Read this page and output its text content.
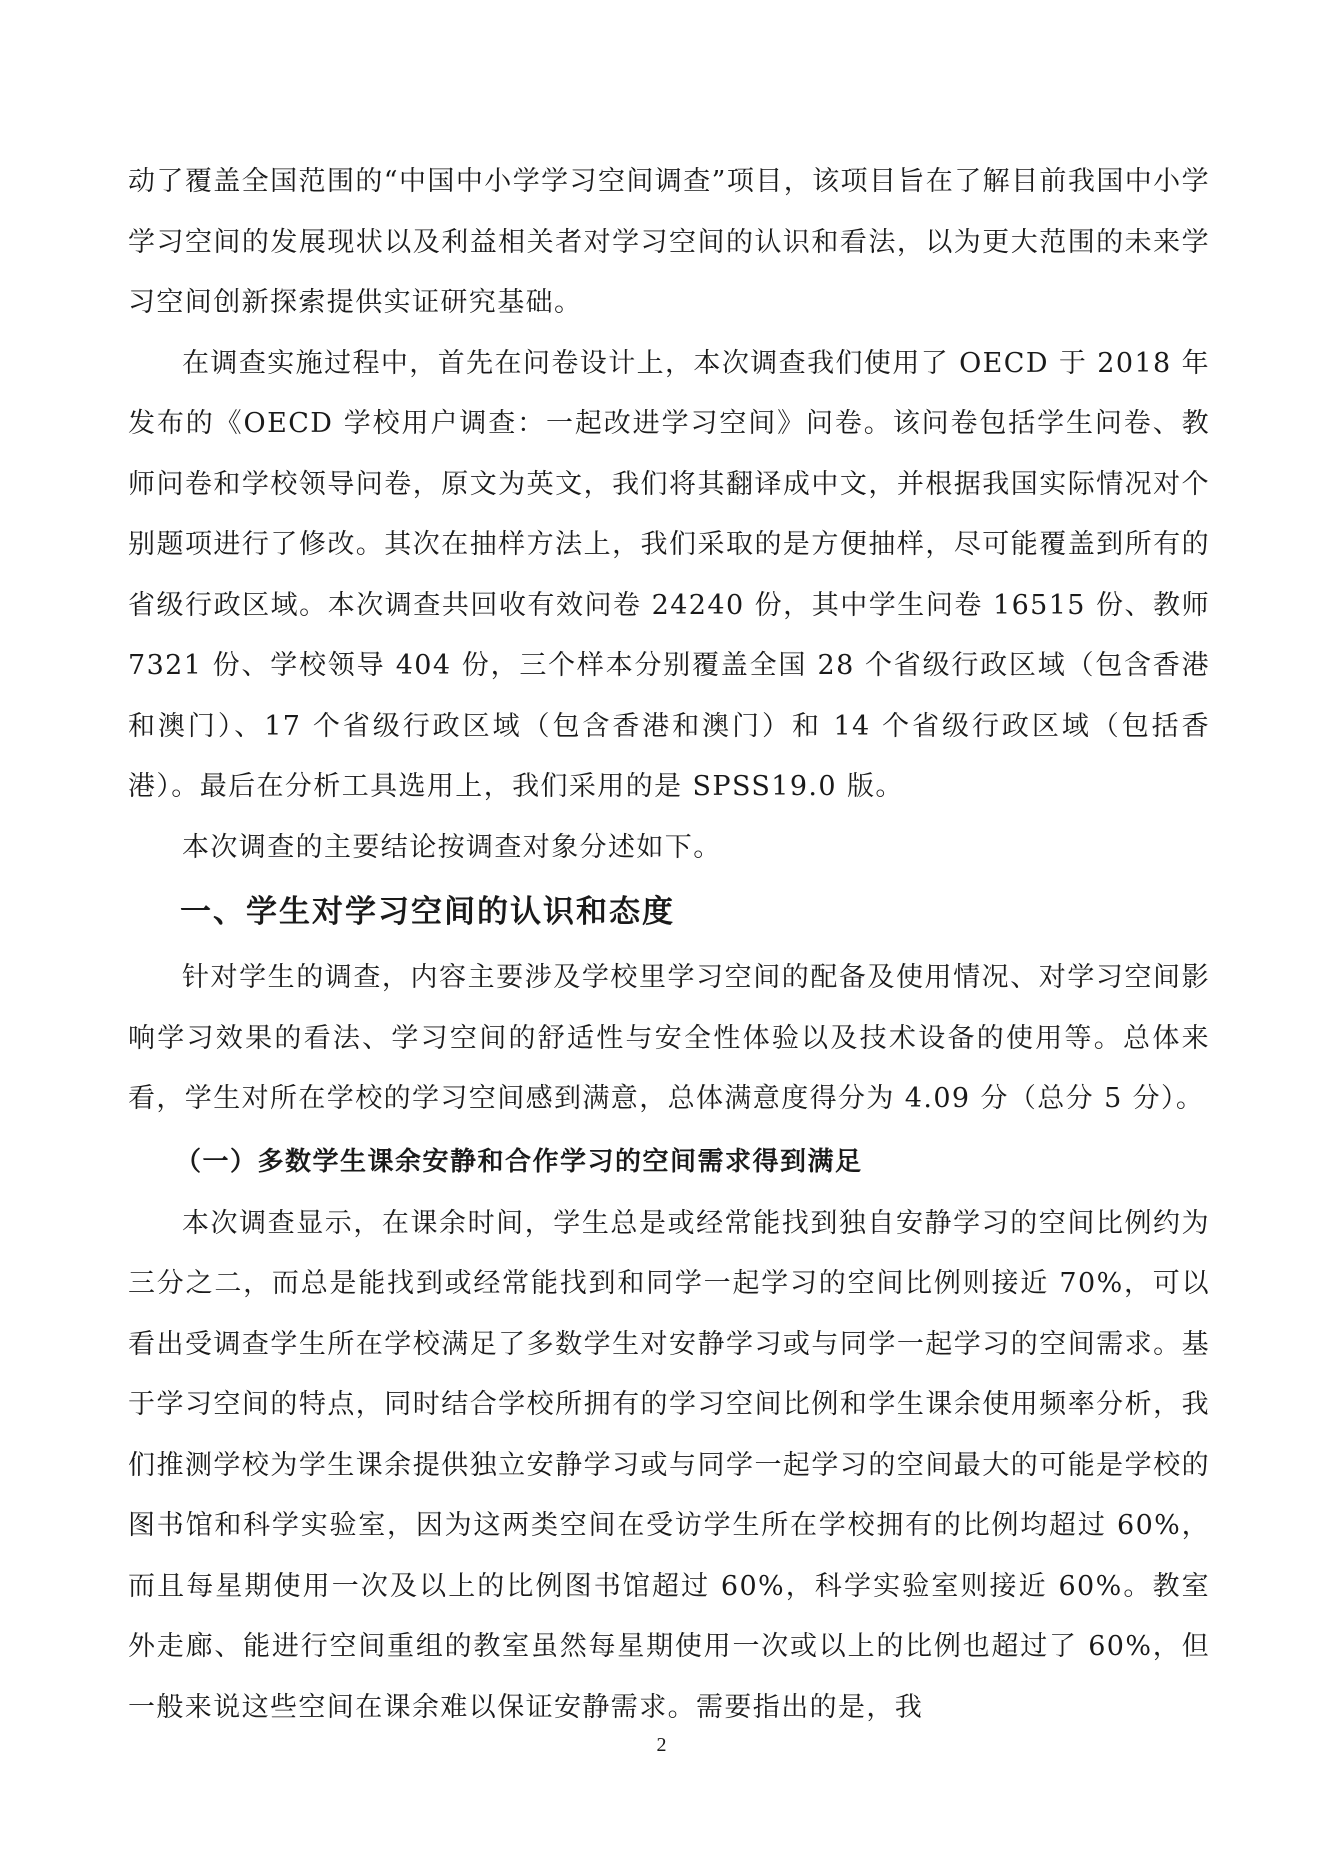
动了覆盖全国范围的“中国中小学学习空间调查”项目，该项目旨在了解目前我国中小学学习空间的发展现状以及利益相关者对学习空间的认识和看法，以为更大范围的未来学习空间创新探索提供实证研究基础。

在调查实施过程中，首先在问卷设计上，本次调查我们使用了 OECD 于 2018 年发布的《OECD 学校用户调查：一起改进学习空间》问卷。该问卷包括学生问卷、教师问卷和学校领导问卷，原文为英文，我们将其翻译成中文，并根据我国实际情况对个别题项进行了修改。其次在抽样方法上，我们采取的是方便抽样，尽可能覆盖到所有的省级行政区域。本次调查共回收有效问卷 24240 份，其中学生问卷 16515 份、教师 7321 份、学校领导 404 份，三个样本分别覆盖全国 28 个省级行政区域（包含香港和澳门）、17 个省级行政区域（包含香港和澳门）和 14 个省级行政区域（包括香港）。最后在分析工具选用上，我们采用的是 SPSS19.0 版。

本次调查的主要结论按调查对象分述如下。

一、学生对学习空间的认识和态度

针对学生的调查，内容主要涉及学校里学习空间的配备及使用情况、对学习空间影响学习效果的看法、学习空间的舒适性与安全性体验以及技术设备的使用等。总体来看，学生对所在学校的学习空间感到满意，总体满意度得分为 4.09 分（总分 5 分）。

（一）多数学生课余安静和合作学习的空间需求得到满足

本次调查显示，在课余时间，学生总是或经常能找到独自安静学习的空间比例约为三分之二，而总是能找到或经常能找到和同学一起学习的空间比例则接近 70%，可以看出受调查学生所在学校满足了多数学生对安静学习或与同学一起学习的空间需求。基于学习空间的特点，同时结合学校所拥有的学习空间比例和学生课余使用频率分析，我们推测学校为学生课余提供独立安静学习或与同学一起学习的空间最大的可能是学校的图书馆和科学实验室，因为这两类空间在受访学生所在学校拥有的比例均超过 60%，而且每星期使用一次及以上的比例图书馆超过 60%，科学实验室则接近 60%。教室外走廊、能进行空间重组的教室虽然每星期使用一次或以上的比例也超过了 60%，但一般来说这些空间在课余难以保证安静需求。需要指出的是，我

2
